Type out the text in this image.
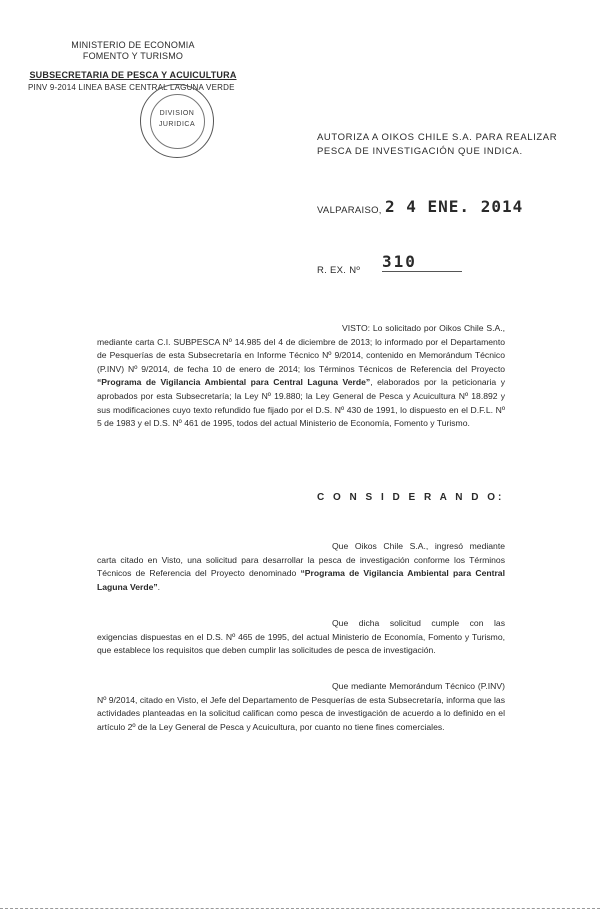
MINISTERIO DE ECONOMIA
FOMENTO Y TURISMO
SUBSECRETARIA DE PESCA Y ACUICULTURA
PINV 9-2014 LINEA BASE CENTRAL LAGUNA VERDE
DIVISION
JURIDICA
AUTORIZA A OIKOS CHILE S.A. PARA REALIZAR
PESCA DE INVESTIGACIÓN QUE INDICA.
VALPARAISO, 2 4 ENE. 2014
R. EX. Nº 310
VISTO: Lo solicitado por Oikos Chile S.A., mediante carta C.I. SUBPESCA Nº 14.985 del 4 de diciembre de 2013; lo informado por el Departamento de Pesquerías de esta Subsecretaría en Informe Técnico Nº 9/2014, contenido en Memorándum Técnico (P.INV) Nº 9/2014, de fecha 10 de enero de 2014; los Términos Técnicos de Referencia del Proyecto “Programa de Vigilancia Ambiental para Central Laguna Verde”, elaborados por la peticionaria y aprobados por esta Subsecretaría; la Ley Nº 19.880; la Ley General de Pesca y Acuicultura Nº 18.892 y sus modificaciones cuyo texto refundido fue fijado por el D.S. Nº 430 de 1991, lo dispuesto en el D.F.L. Nº 5 de 1983 y el D.S. Nº 461 de 1995, todos del actual Ministerio de Economía, Fomento y Turismo.
C O N S I D E R A N D O:
Que Oikos Chile S.A., ingresó mediante carta citado en Visto, una solicitud para desarrollar la pesca de investigación conforme los Términos Técnicos de Referencia del Proyecto denominado “Programa de Vigilancia Ambiental para Central Laguna Verde”.
Que dicha solicitud cumple con las exigencias dispuestas en el D.S. Nº 465 de 1995, del actual Ministerio de Economía, Fomento y Turismo, que establece los requisitos que deben cumplir las solicitudes de pesca de investigación.
Que mediante Memorándum Técnico (P.INV) Nº 9/2014, citado en Visto, el Jefe del Departamento de Pesquerías de esta Subsecretaría, informa que las actividades planteadas en la solicitud califican como pesca de investigación de acuerdo a lo definido en el artículo 2º de la Ley General de Pesca y Acuicultura, por cuanto no tiene fines comerciales.
